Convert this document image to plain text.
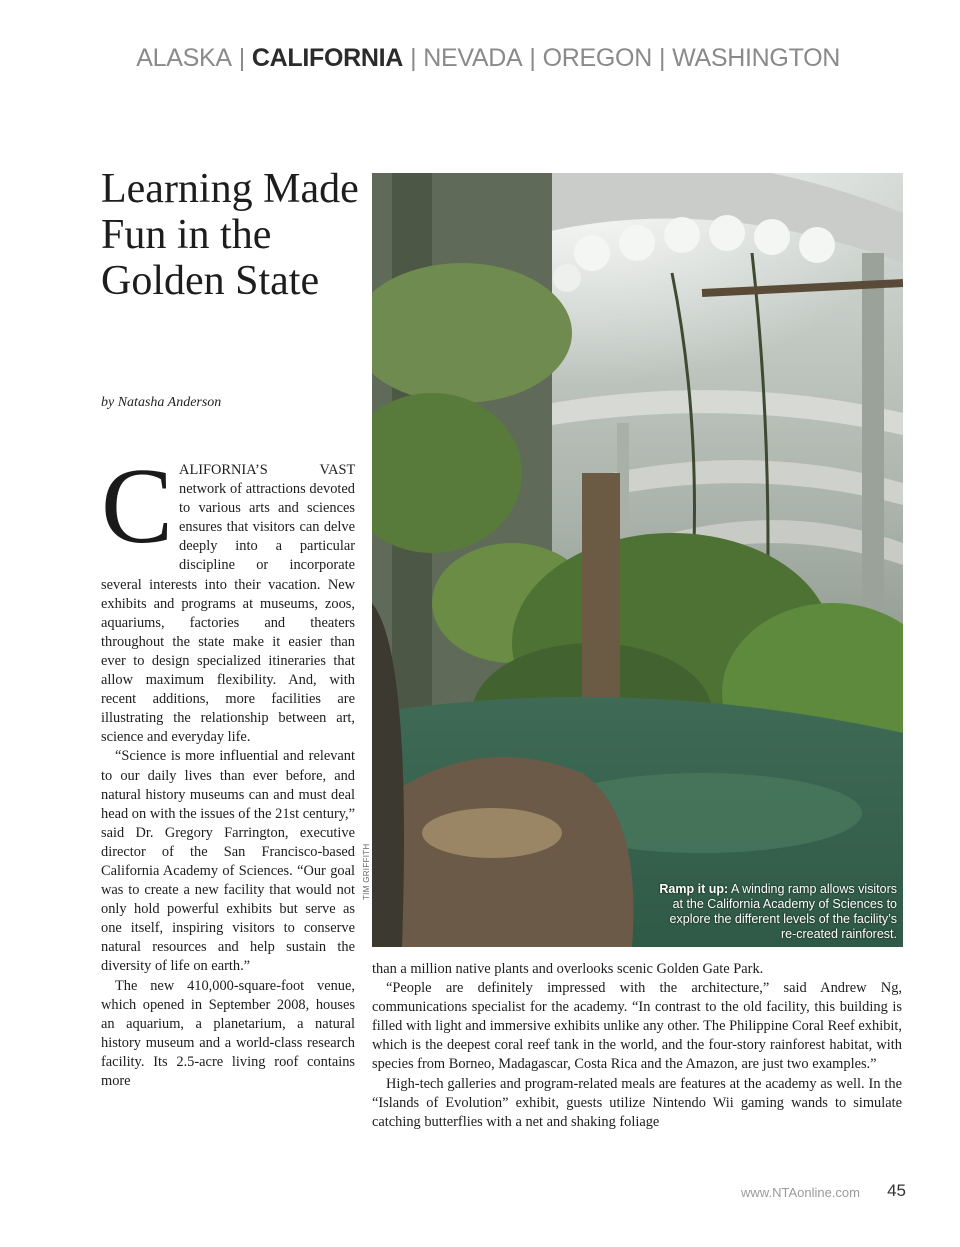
ALASKA | CALIFORNIA | NEVADA | OREGON | WASHINGTON
Learning Made Fun in the Golden State
by Natasha Anderson

CALIFORNIA’S VAST network of attractions devoted to various arts and sciences ensures that visitors can delve deeply into a particular discipline or incorporate several interests into their vacation. New exhibits and programs at museums, zoos, aquariums, factories and theaters throughout the state make it easier than ever to design specialized itineraries that allow maximum flexibility. And, with recent additions, more facilities are illustrating the relationship between art, science and everyday life.

“Science is more influential and relevant to our daily lives than ever before, and natural history museums can and must deal head on with the issues of the 21st century,” said Dr. Gregory Farrington, executive director of the San Francisco-based California Academy of Sciences. “Our goal was to create a new facility that would not only hold powerful exhibits but serve as one itself, inspiring visitors to conserve natural resources and help sustain the diversity of life on earth.”

The new 410,000-square-foot venue, which opened in September 2008, houses an aquarium, a planetarium, a natural history museum and a world-class research facility. Its 2.5-acre living roof contains more

Ramp it up: A winding ramp allows visitors at the California Academy of Sciences to explore the different levels of the facility’s re-created rainforest.
TIM GRIFFITH

than a million native plants and overlooks scenic Golden Gate Park.

“People are definitely impressed with the architecture,” said Andrew Ng, communications specialist for the academy. “In contrast to the old facility, this building is filled with light and immersive exhibits unlike any other. The Philippine Coral Reef exhibit, which is the deepest coral reef tank in the world, and the four-story rainforest habitat, with species from Borneo, Madagascar, Costa Rica and the Amazon, are just two examples.”

High-tech galleries and program-related meals are features at the academy as well. In the “Islands of Evolution” exhibit, guests utilize Nintendo Wii gaming wands to simulate catching butterflies with a net and shaking foliage

www.NTAonline.com 45
